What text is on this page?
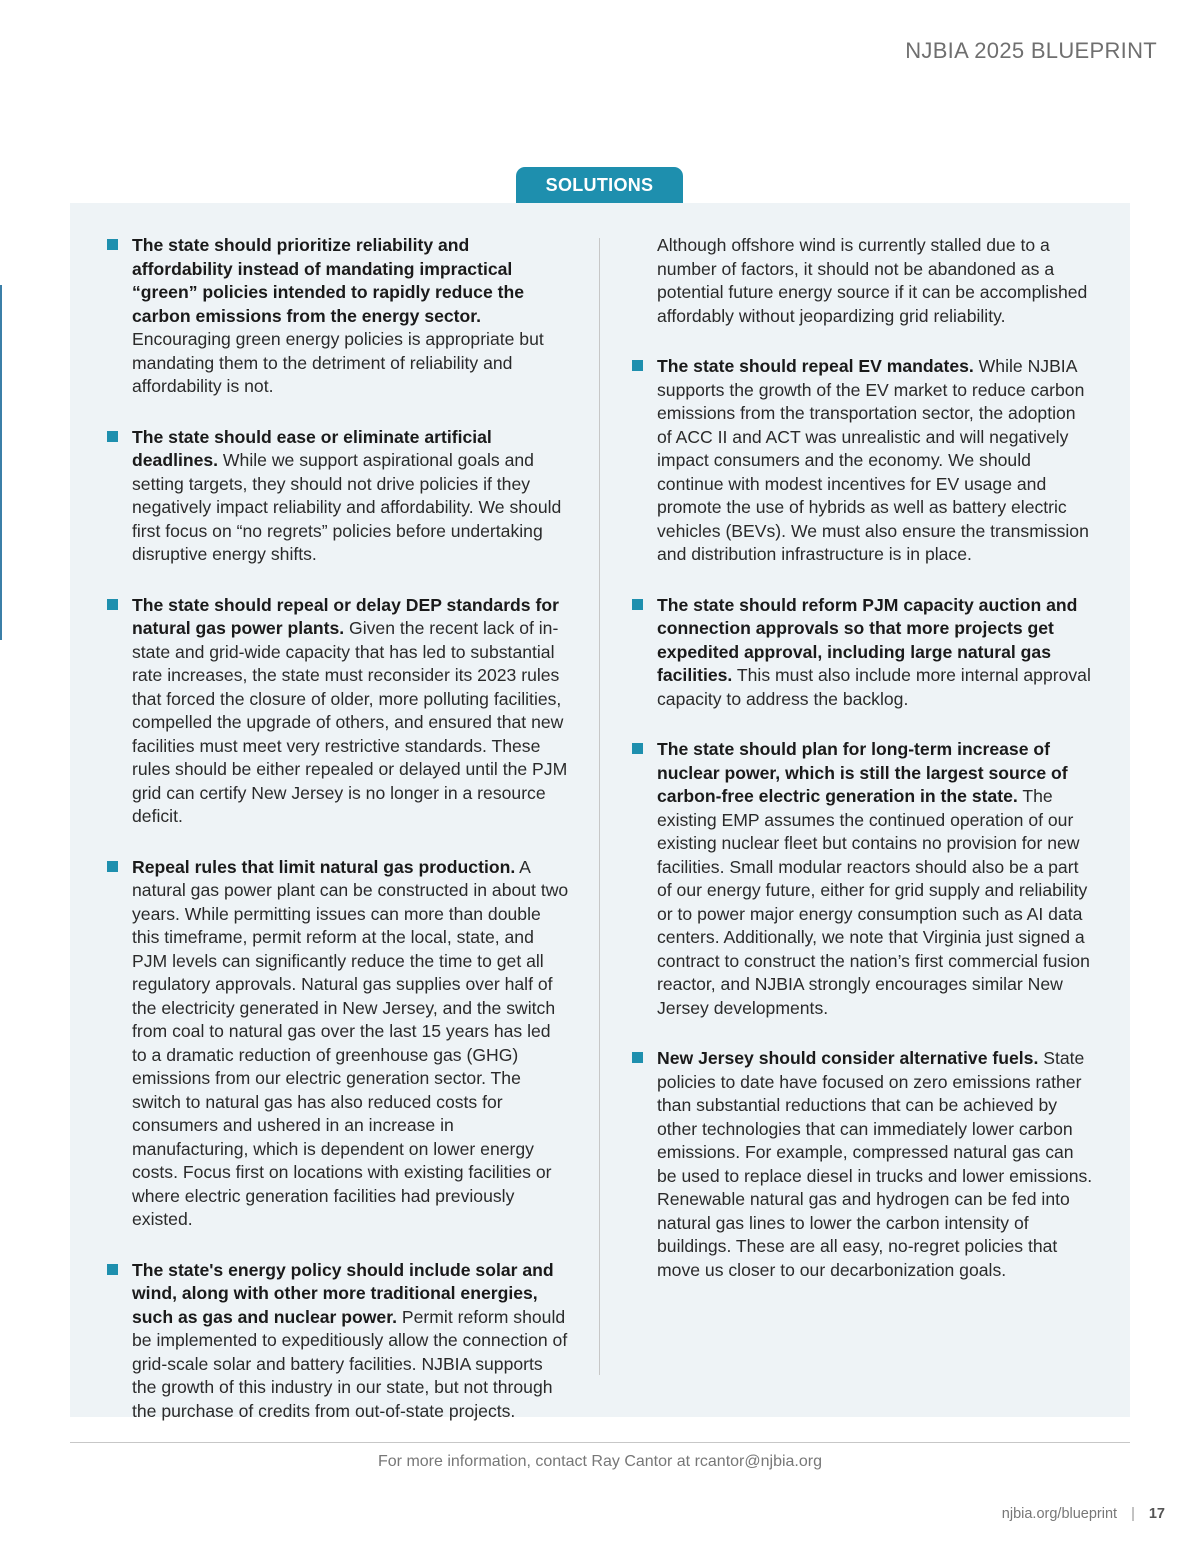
NJBIA 2025 BLUEPRINT
SOLUTIONS
The state should prioritize reliability and affordability instead of mandating impractical “green” policies intended to rapidly reduce the carbon emissions from the energy sector. Encouraging green energy policies is appropriate but mandating them to the detriment of reliability and affordability is not.
The state should ease or eliminate artificial deadlines. While we support aspirational goals and setting targets, they should not drive policies if they negatively impact reliability and affordability. We should first focus on “no regrets” policies before undertaking disruptive energy shifts.
The state should repeal or delay DEP standards for natural gas power plants. Given the recent lack of in-state and grid-wide capacity that has led to substantial rate increases, the state must reconsider its 2023 rules that forced the closure of older, more polluting facilities, compelled the upgrade of others, and ensured that new facilities must meet very restrictive standards. These rules should be either repealed or delayed until the PJM grid can certify New Jersey is no longer in a resource deficit.
Repeal rules that limit natural gas production. A natural gas power plant can be constructed in about two years. While permitting issues can more than double this timeframe, permit reform at the local, state, and PJM levels can significantly reduce the time to get all regulatory approvals. Natural gas supplies over half of the electricity generated in New Jersey, and the switch from coal to natural gas over the last 15 years has led to a dramatic reduction of greenhouse gas (GHG) emissions from our electric generation sector. The switch to natural gas has also reduced costs for consumers and ushered in an increase in manufacturing, which is dependent on lower energy costs. Focus first on locations with existing facilities or where electric generation facilities had previously existed.
The state's energy policy should include solar and wind, along with other more traditional energies, such as gas and nuclear power. Permit reform should be implemented to expeditiously allow the connection of grid-scale solar and battery facilities. NJBIA supports the growth of this industry in our state, but not through the purchase of credits from out-of-state projects.
Although offshore wind is currently stalled due to a number of factors, it should not be abandoned as a potential future energy source if it can be accomplished affordably without jeopardizing grid reliability.
The state should repeal EV mandates. While NJBIA supports the growth of the EV market to reduce carbon emissions from the transportation sector, the adoption of ACC II and ACT was unrealistic and will negatively impact consumers and the economy. We should continue with modest incentives for EV usage and promote the use of hybrids as well as battery electric vehicles (BEVs). We must also ensure the transmission and distribution infrastructure is in place.
The state should reform PJM capacity auction and connection approvals so that more projects get expedited approval, including large natural gas facilities. This must also include more internal approval capacity to address the backlog.
The state should plan for long-term increase of nuclear power, which is still the largest source of carbon-free electric generation in the state. The existing EMP assumes the continued operation of our existing nuclear fleet but contains no provision for new facilities. Small modular reactors should also be a part of our energy future, either for grid supply and reliability or to power major energy consumption such as AI data centers. Additionally, we note that Virginia just signed a contract to construct the nation’s first commercial fusion reactor, and NJBIA strongly encourages similar New Jersey developments.
New Jersey should consider alternative fuels. State policies to date have focused on zero emissions rather than substantial reductions that can be achieved by other technologies that can immediately lower carbon emissions. For example, compressed natural gas can be used to replace diesel in trucks and lower emissions. Renewable natural gas and hydrogen can be fed into natural gas lines to lower the carbon intensity of buildings. These are all easy, no-regret policies that move us closer to our decarbonization goals.
For more information, contact Ray Cantor at rcantor@njbia.org
njbia.org/blueprint | 17
